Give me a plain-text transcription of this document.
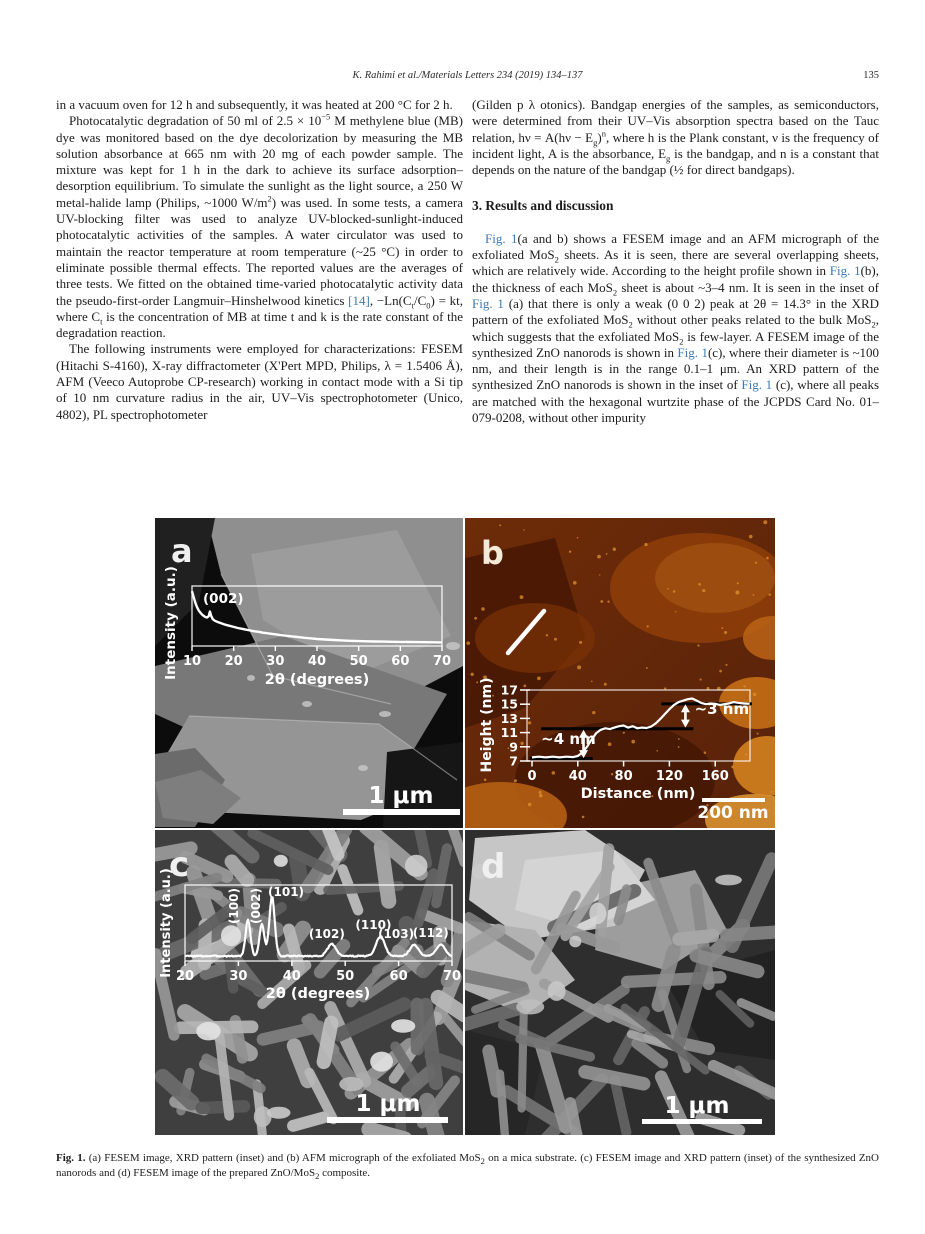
K. Rahimi et al./Materials Letters 234 (2019) 134–137	135

in a vacuum oven for 12 h and subsequently, it was heated at 200 °C for 2 h.

Photocatalytic degradation of 50 ml of $2.5 \times 10^{-5}$ M methylene blue (MB) dye was monitored based on the dye decolorization by measuring the MB solution absorbance at 665 nm with 20 mg of each powder sample. The mixture was kept for 1 h in the dark to achieve its surface adsorption–desorption equilibrium. To simulate the sunlight as the light source, a 250 W metal-halide lamp (Philips, ~1000 $W/m^2$) was used. In some tests, a camera UV-blocking filter was used to analyze UV-blocked-sunlight-induced photocatalytic activities of the samples. A water circulator was used to maintain the reactor temperature at room temperature (~25 °C) in order to eliminate possible thermal effects. The reported values are the averages of three tests. We fitted on the obtained time-varied photocatalytic activity data the pseudo-first-order Langmuir–Hinshelwood kinetics [14], $-Ln(C_t/C_0)$ = kt, where $C_t$ is the concentration of MB at time t and k is the rate constant of the degradation reaction.

The following instruments were employed for characterizations: FESEM (Hitachi S-4160), X-ray diffractometer (X'Pert MPD, Philips, λ = 1.5406 Å), AFM (Veeco Autoprobe CP-research) working in contact mode with a Si tip of 10 nm curvature radius in the air, UV–Vis spectrophotometer (Unico, 4802), PL spectrophotometer

(Gilden p λ otonics). Bandgap energies of the samples, as semiconductors, were determined from their UV–Vis absorption spectra based on the Tauc relation, $h\nu = A(h\nu - E_g)^n$, where h is the Plank constant, ν is the frequency of incident light, A is the absorbance, $E_g$ is the bandgap, and n is a constant that depends on the nature of the bandgap (½ for direct bandgaps).

3. Results and discussion

Fig. 1(a and b) shows a FESEM image and an AFM micrograph of the exfoliated MoS$_2$ sheets. As it is seen, there are several overlapping sheets, which are relatively wide. According to the height profile shown in Fig. 1(b), the thickness of each MoS$_2$ sheet is about ~3–4 nm. It is seen in the inset of Fig. 1 (a) that there is only a weak (0 0 2) peak at 2θ = 14.3° in the XRD pattern of the exfoliated MoS$_2$ without other peaks related to the bulk MoS$_2$, which suggests that the exfoliated MoS$_2$ is few-layer. A FESEM image of the synthesized ZnO nanorods is shown in Fig. 1(c), where their diameter is ~100 nm, and their length is in the range 0.1–1 μm. An XRD pattern of the synthesized ZnO nanorods is shown in the inset of Fig. 1 (c), where all peaks are matched with the hexagonal wurtzite phase of the JCPDS Card No. 01–079-0208, without other impurity

10 20 30 40 50 60 70
2θ (degrees)
Intensity (a.u.) (002)
a
1 μm
17
15
13
11
9
7
0 40 80 120 160
~4 nm
~3 nm
Distance (nm)
Height (nm)
b
200 nm
20	30	40	50	60	70
2θ (degrees)
Intensity (a.u.)	(100) (002) (101)
(102)
(110)
(103)
(112)
c
1 μm
d
1 μm
Fig. 1. (a) FESEM image, XRD pattern (inset) and (b) AFM micrograph of the exfoliated MoS$_2$ on a mica substrate. (c) FESEM image and XRD pattern (inset) of the synthesized ZnO nanorods and (d) FESEM image of the prepared ZnO/MoS$_2$ composite.
